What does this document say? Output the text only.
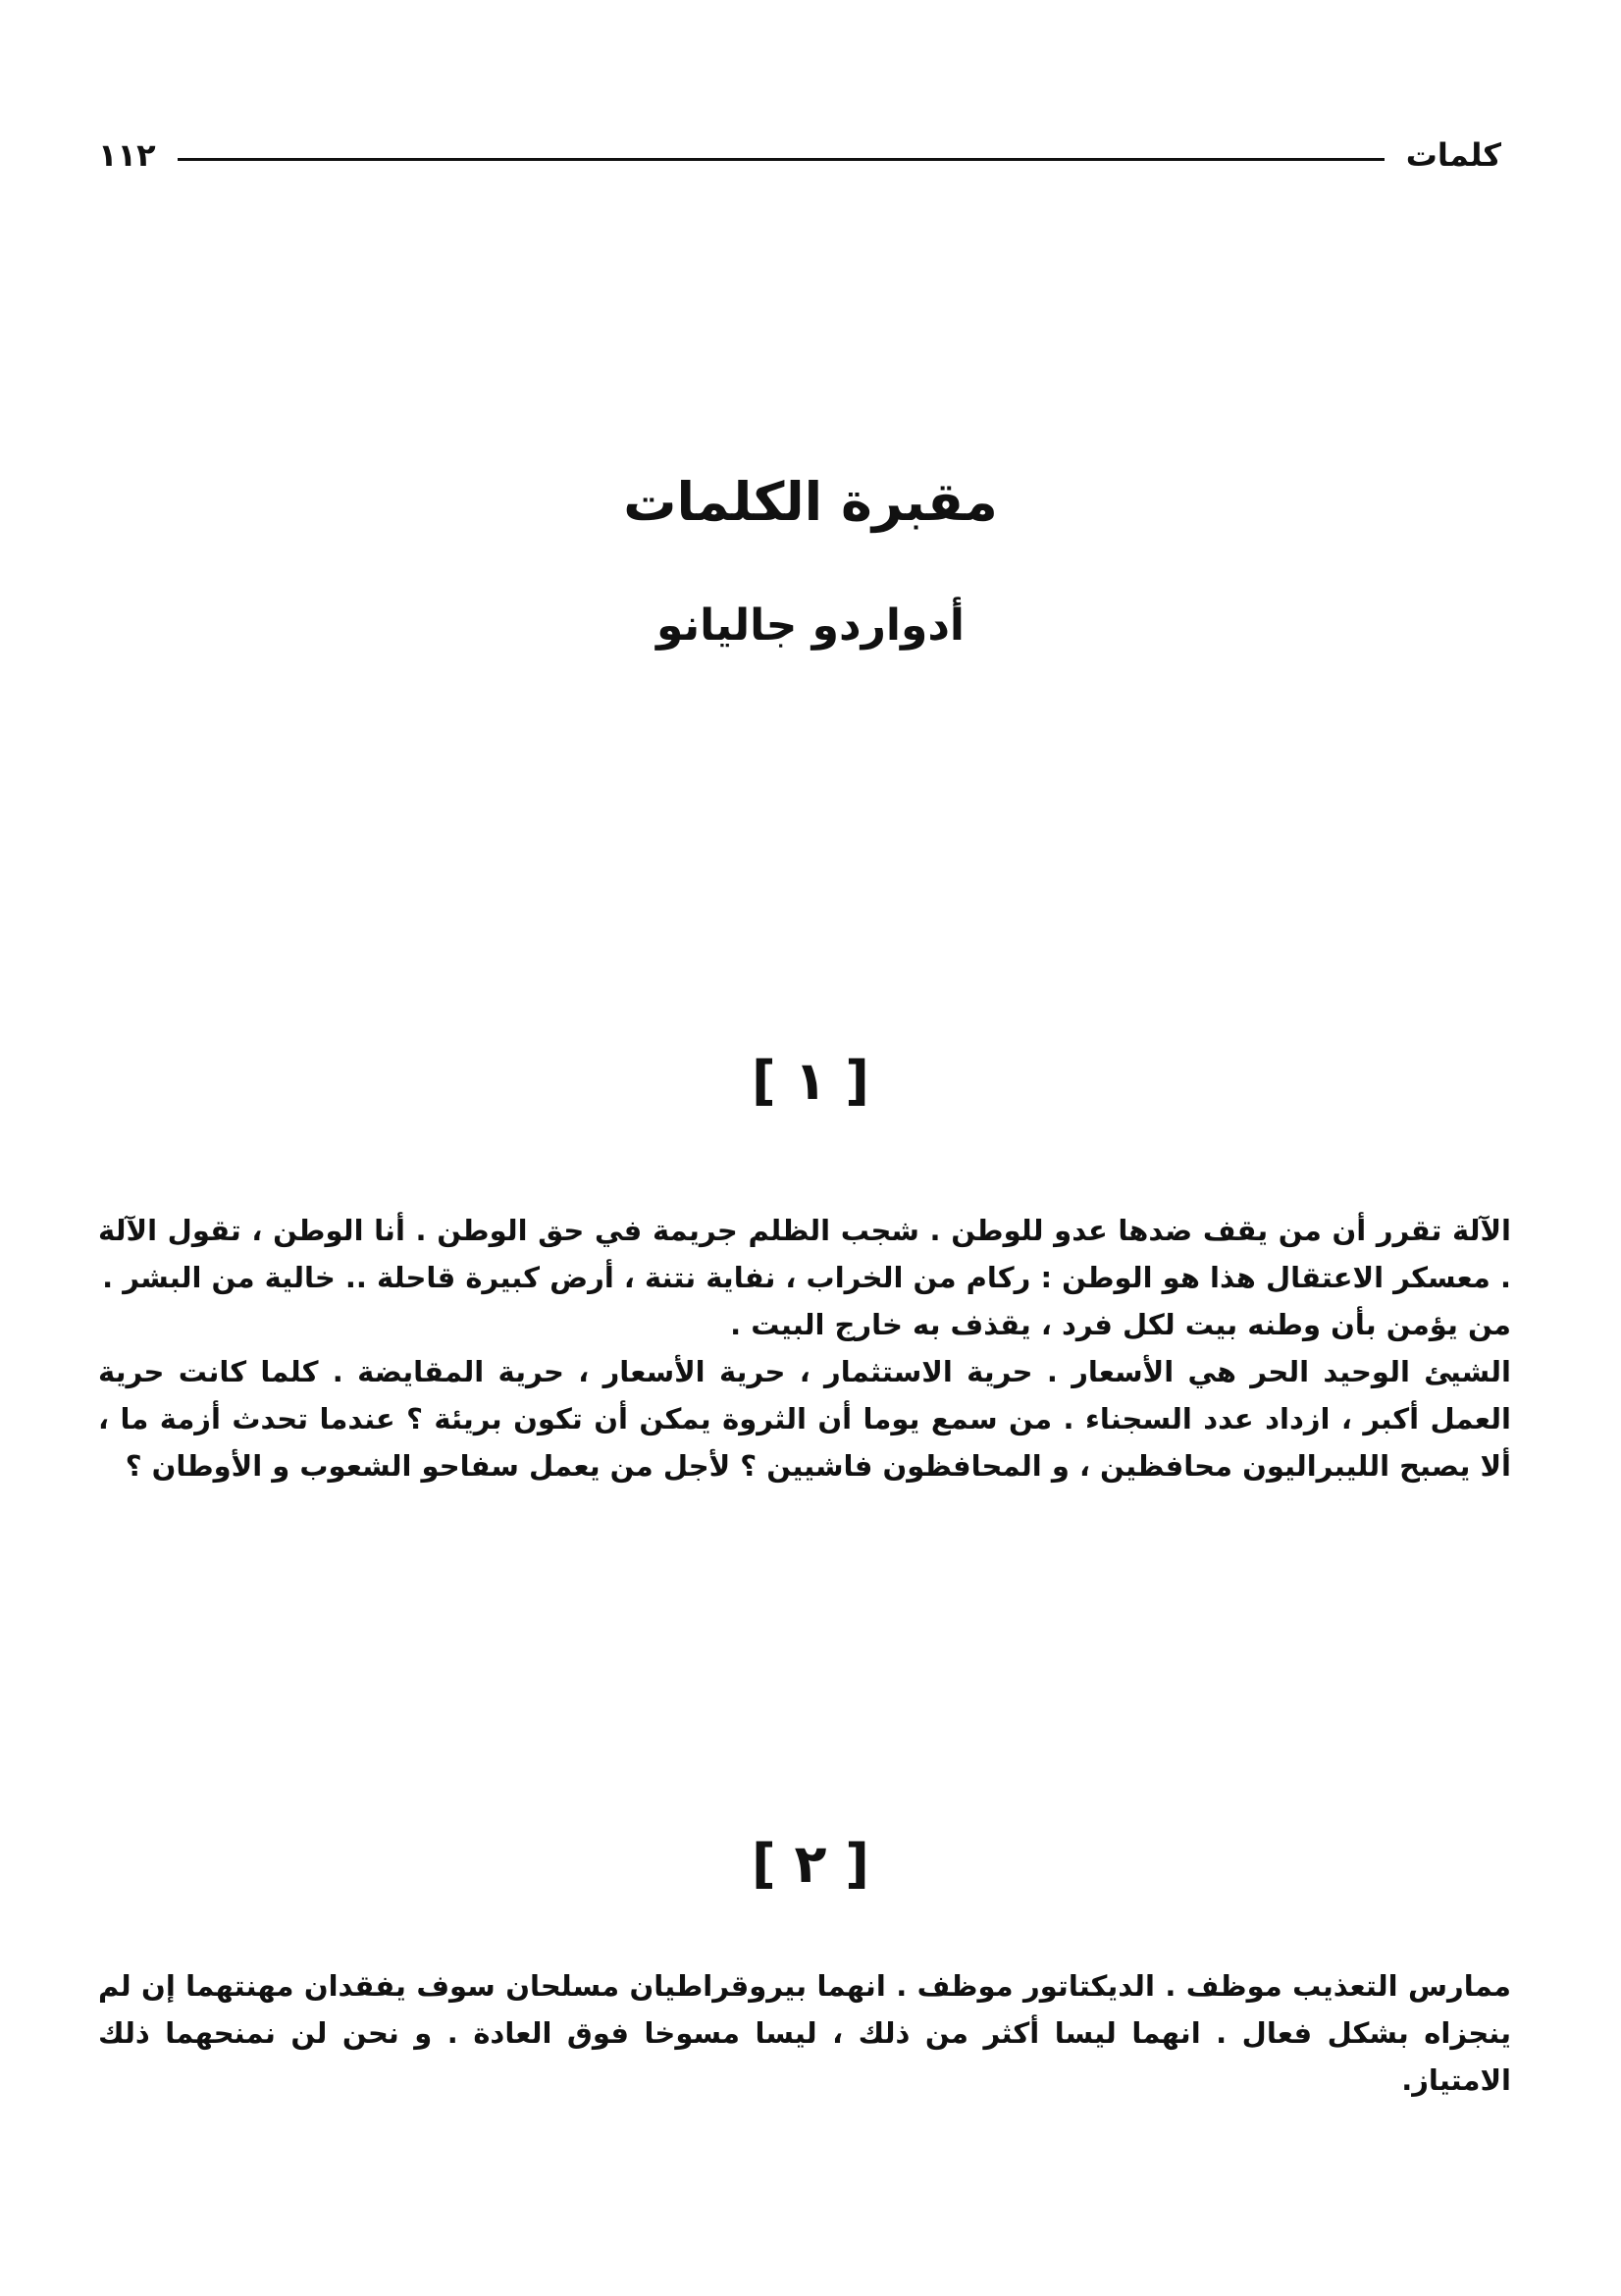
١١٢	كلمات
مقبرة الكلمات
أدواردو جاليانو
[ ١ ]

الآلة تقرر أن من يقف ضدها عدو للوطن . شجب الظلم جريمة في حق الوطن . أنا الوطن ، تقول الآلة . معسكر الاعتقال هذا هو الوطن : ركام من الخراب ، نفاية نتنة ، أرض كبيرة قاحلة .. خالية من البشر .

من يؤمن بأن وطنه بيت لكل فرد ، يقذف به خارج البيت .

الشيئ الوحيد الحر هي الأسعار . حرية الاستثمار ، حرية الأسعار ، حرية المقايضة . كلما كانت حرية العمل أكبر ، ازداد عدد السجناء . من سمع يوما أن الثروة يمكن أن تكون بريئة ؟ عندما تحدث أزمة ما ، ألا يصبح الليبراليون محافظين ، و المحافظون فاشيين ؟ لأجل من يعمل سفاحو الشعوب و الأوطان ؟

[ ٢ ]

ممارس التعذيب موظف . الديكتاتور موظف . انهما بيروقراطيان مسلحان سوف يفقدان مهنتهما إن لم ينجزاه بشكل فعال . انهما ليسا أكثر من ذلك ، ليسا مسوخا فوق العادة . و نحن لن نمنحهما ذلك الامتياز.
